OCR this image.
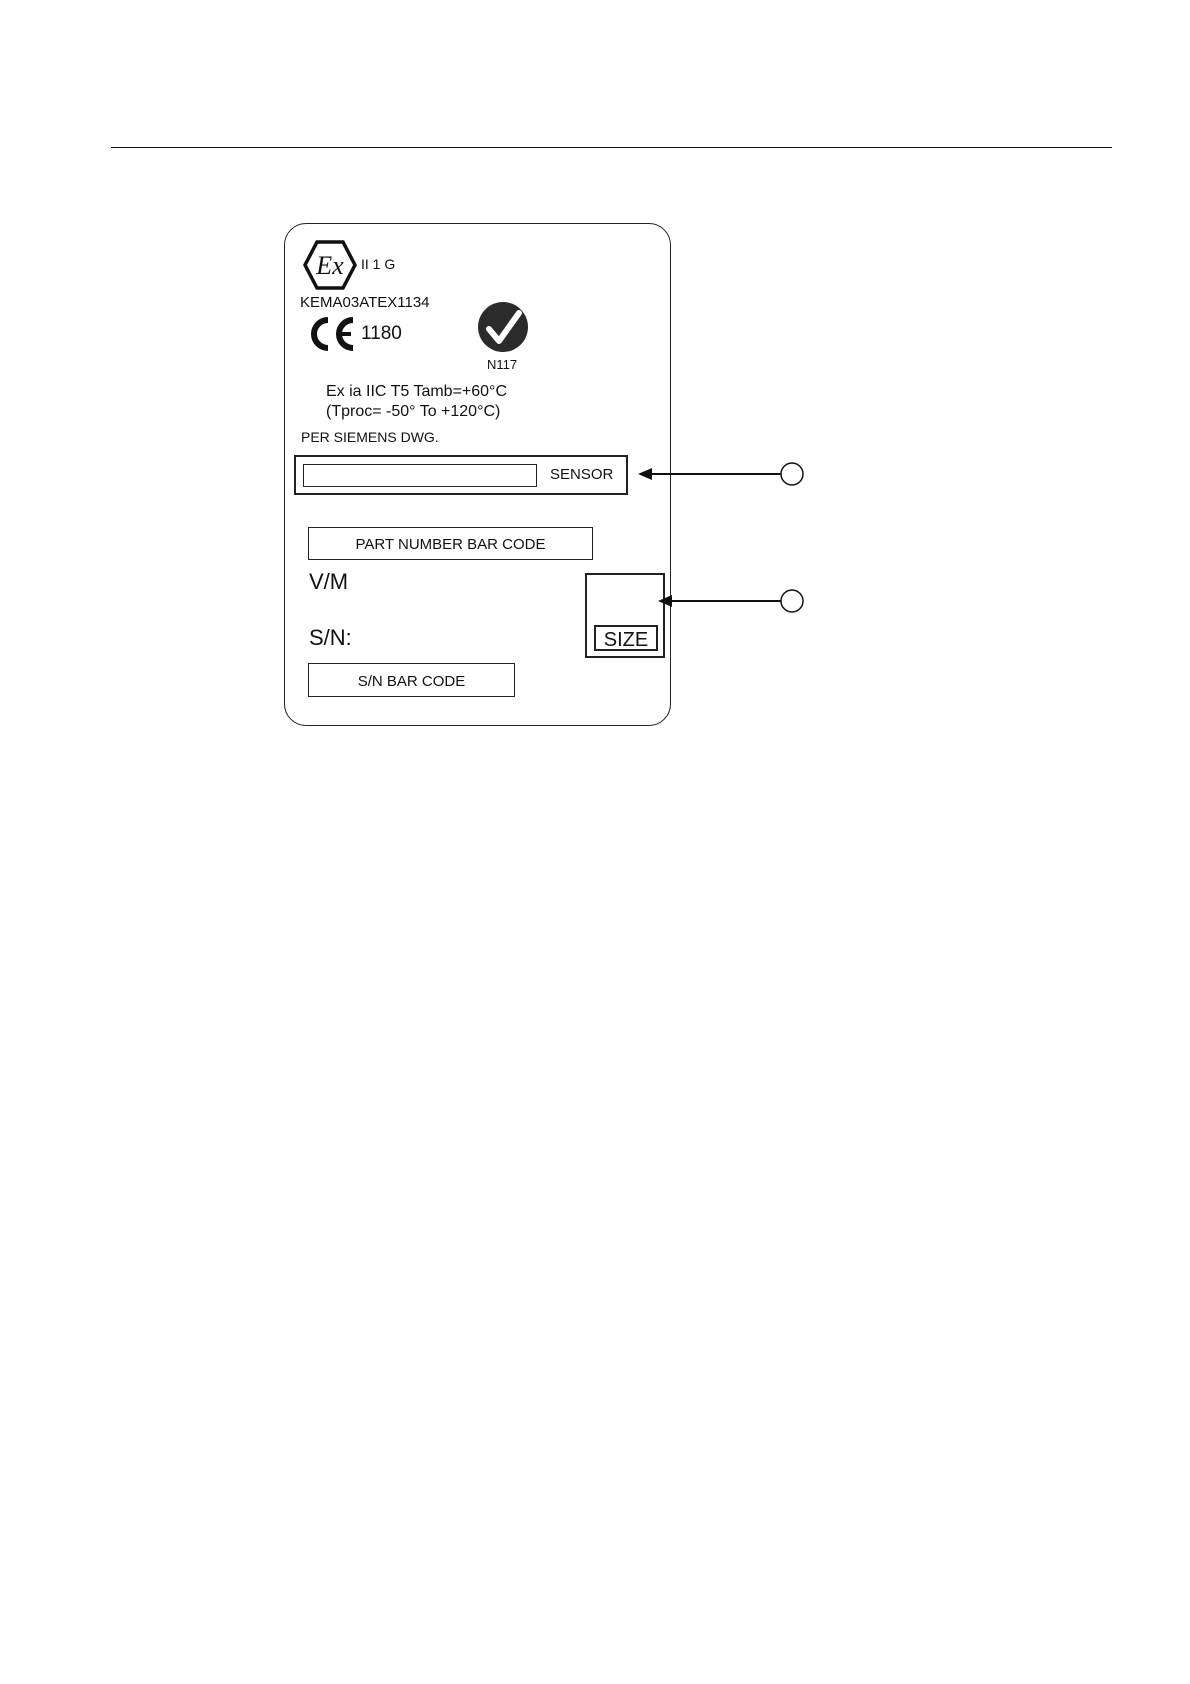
Ex II 1 G
KEMA03ATEX1134
CE
1180
N117
Ex ia IIC T5 Tamb=+60°C
(Tproc= -50° To +120°C)
PER SIEMENS DWG.
SENSOR
PART NUMBER BAR CODE
V/M
S/N:
S/N BAR CODE
SIZE
